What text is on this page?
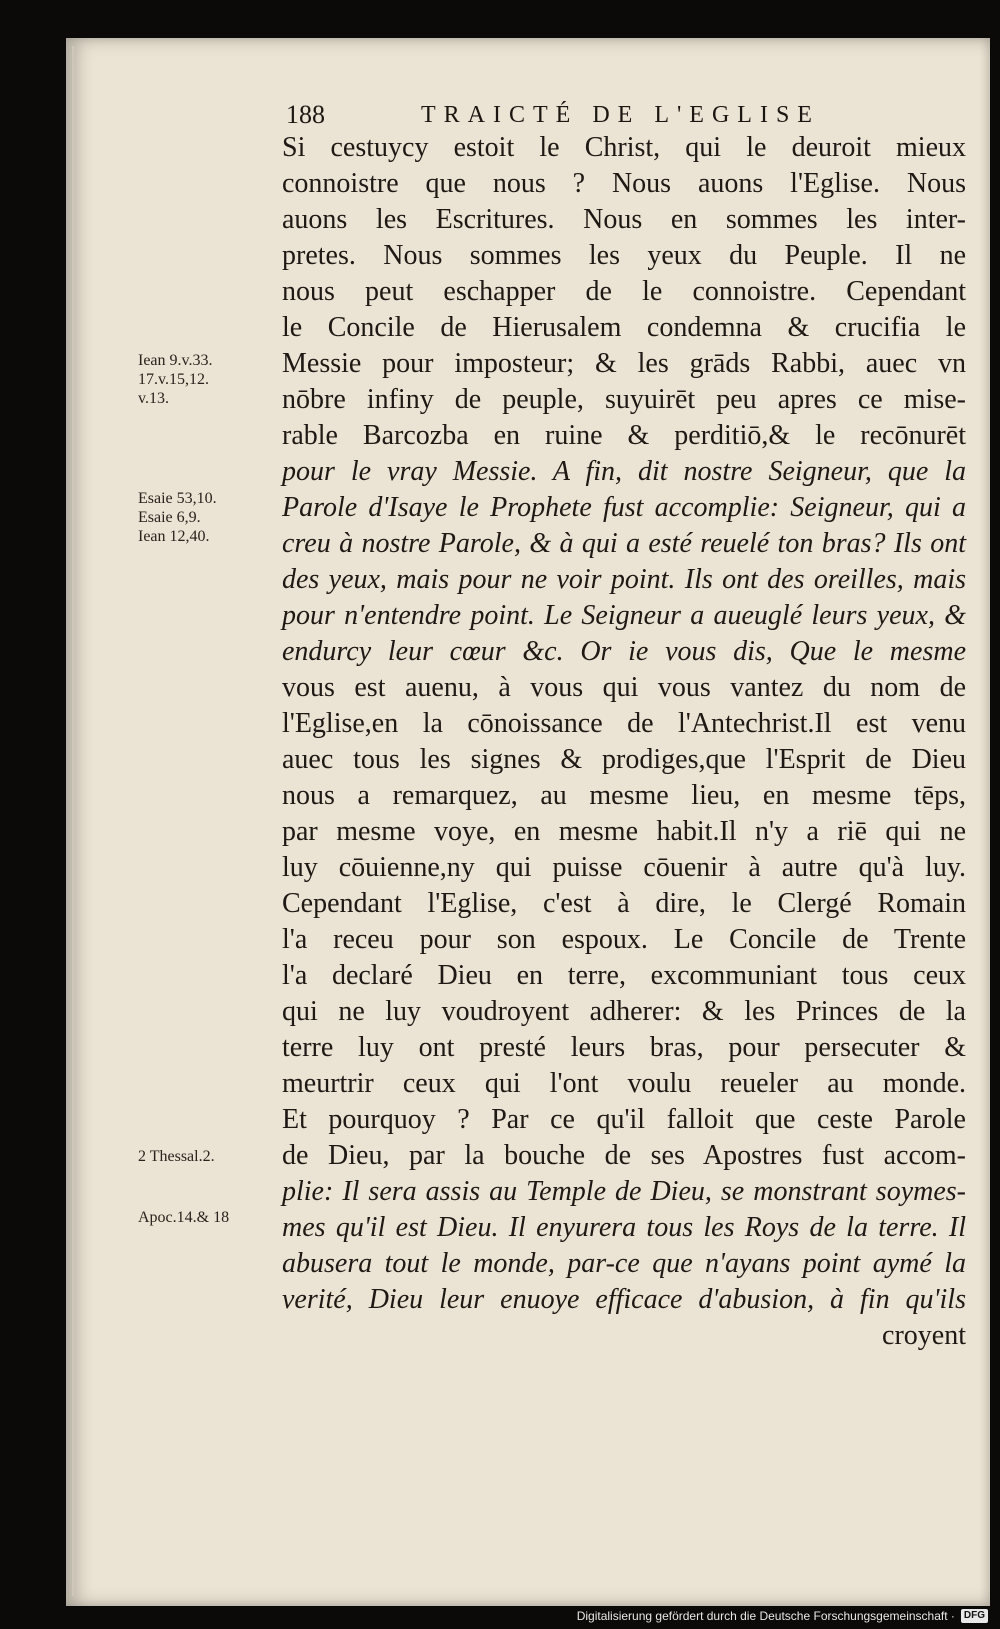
188	TRAICTÉ DE L'EGLISE
Iean 9.v.33.
17.v.15,12.
v.13.
Esaie 53,10.
Esaie 6,9.
Iean 12,40.
2 Thessal.2.
Apoc.14.& 18
Si cestuycy estoit le Christ, qui le deuroit mieux
connoistre que nous ? Nous auons l'Eglise. Nous
auons les Escritures. Nous en sommes les inter-
pretes. Nous sommes les yeux du Peuple. Il ne
nous peut eschapper de le connoistre. Cependant
le Concile de Hierusalem condemna & crucifia le
Messie pour imposteur; & les grāds Rabbi, auec vn
nōbre infiny de peuple, suyuirēt peu apres ce mise-
rable Barcozba en ruine & perditiō,& le recōnurēt
pour le vray Messie. A fin, dit nostre Seigneur, que la
Parole d'Isaye le Prophete fust accomplie: Seigneur, qui a
creu à nostre Parole, & à qui a esté reuelé ton bras? Ils ont
des yeux, mais pour ne voir point. Ils ont des oreilles, mais
pour n'entendre point. Le Seigneur a aueuglé leurs yeux, &
endurcy leur cœur &c. Or ie vous dis, Que le mesme
vous est auenu, à vous qui vous vantez du nom de
l'Eglise,en la cōnoissance de l'Antechrist.Il est venu
auec tous les signes & prodiges,que l'Esprit de Dieu
nous a remarquez, au mesme lieu, en mesme tēps,
par mesme voye, en mesme habit.Il n'y a riē qui ne
luy cōuienne,ny qui puisse cōuenir à autre qu'à luy.
Cependant l'Eglise, c'est à dire, le Clergé Romain
l'a receu pour son espoux. Le Concile de Trente
l'a declaré Dieu en terre, excommuniant tous ceux
qui ne luy voudroyent adherer: & les Princes de la
terre luy ont presté leurs bras, pour persecuter &
meurtrir ceux qui l'ont voulu reueler au monde.
Et pourquoy ? Par ce qu'il falloit que ceste Parole
de Dieu, par la bouche de ses Apostres fust accom-
plie: Il sera assis au Temple de Dieu, se monstrant soymes-
mes qu'il est Dieu. Il enyurera tous les Roys de la terre. Il
abusera tout le monde, par-ce que n'ayans point aymé la
verité, Dieu leur enuoye efficace d'abusion, à fin qu'ils
croyent
Digitalisierung gefördert durch die Deutsche Forschungsgemeinschaft · DFG
